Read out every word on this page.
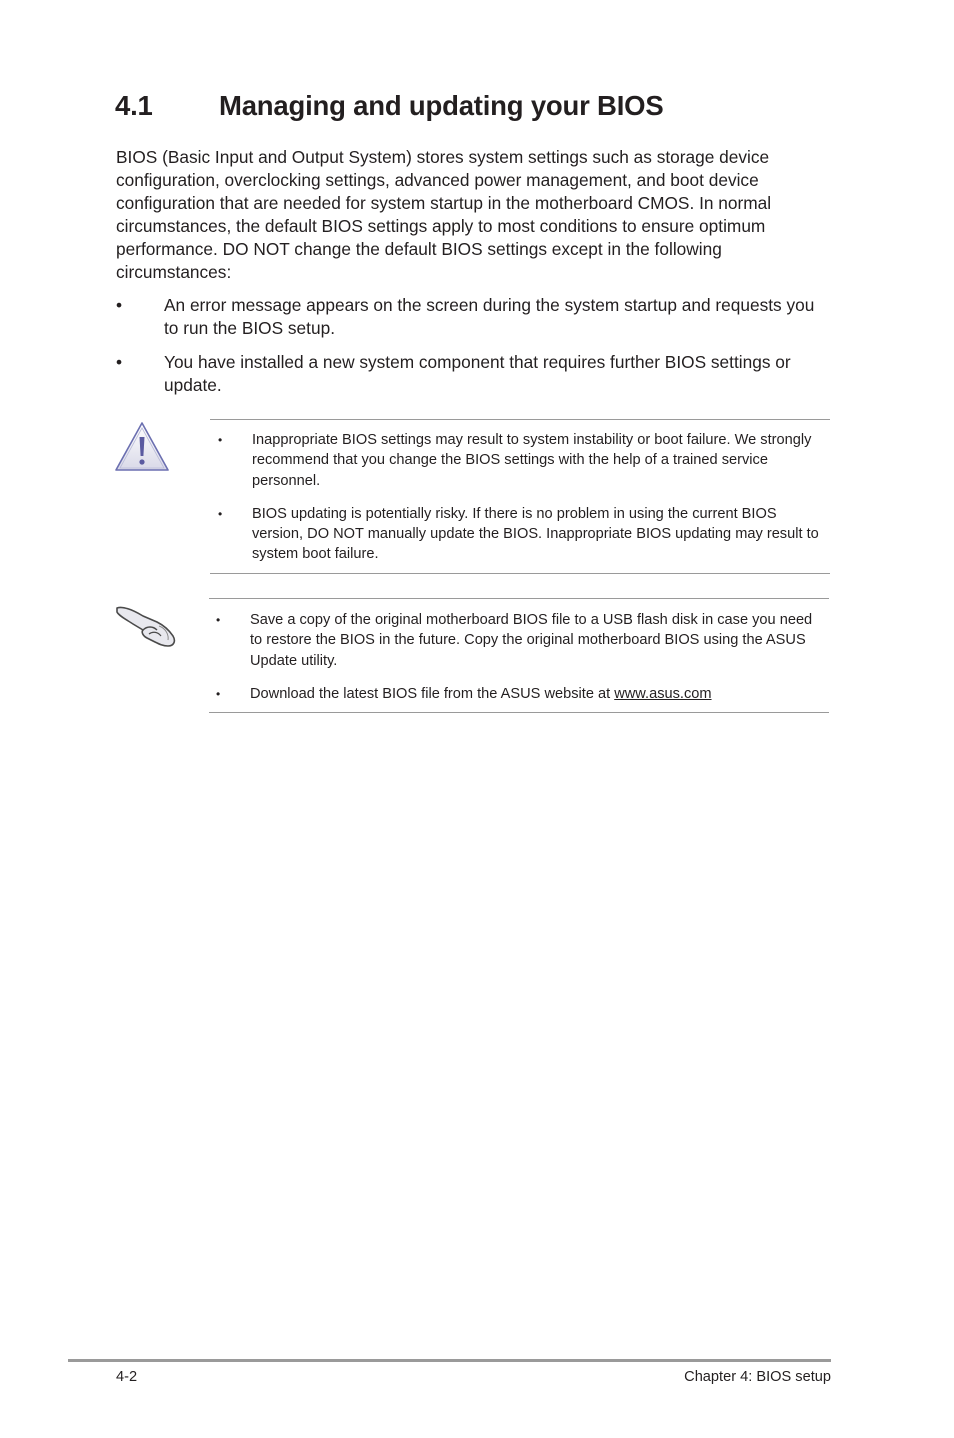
4.1 Managing and updating your BIOS

BIOS (Basic Input and Output System) stores system settings such as storage device configuration, overclocking settings, advanced power management, and boot device configuration that are needed for system startup in the motherboard CMOS. In normal circumstances, the default BIOS settings apply to most conditions to ensure optimum performance. DO NOT change the default BIOS settings except in the following circumstances:

• An error message appears on the screen during the system startup and requests you to run the BIOS setup.
• You have installed a new system component that requires further BIOS settings or update.
• Inappropriate BIOS settings may result to system instability or boot failure. We strongly recommend that you change the BIOS settings with the help of a trained service personnel.
• BIOS updating is potentially risky. If there is no problem in using the current BIOS version, DO NOT manually update the BIOS. Inappropriate BIOS updating may result to system boot failure.
• Save a copy of the original motherboard BIOS file to a USB flash disk in case you need to restore the BIOS in the future. Copy the original motherboard BIOS using the ASUS Update utility.
• Download the latest BIOS file from the ASUS website at www.asus.com
4-2	Chapter 4: BIOS setup
